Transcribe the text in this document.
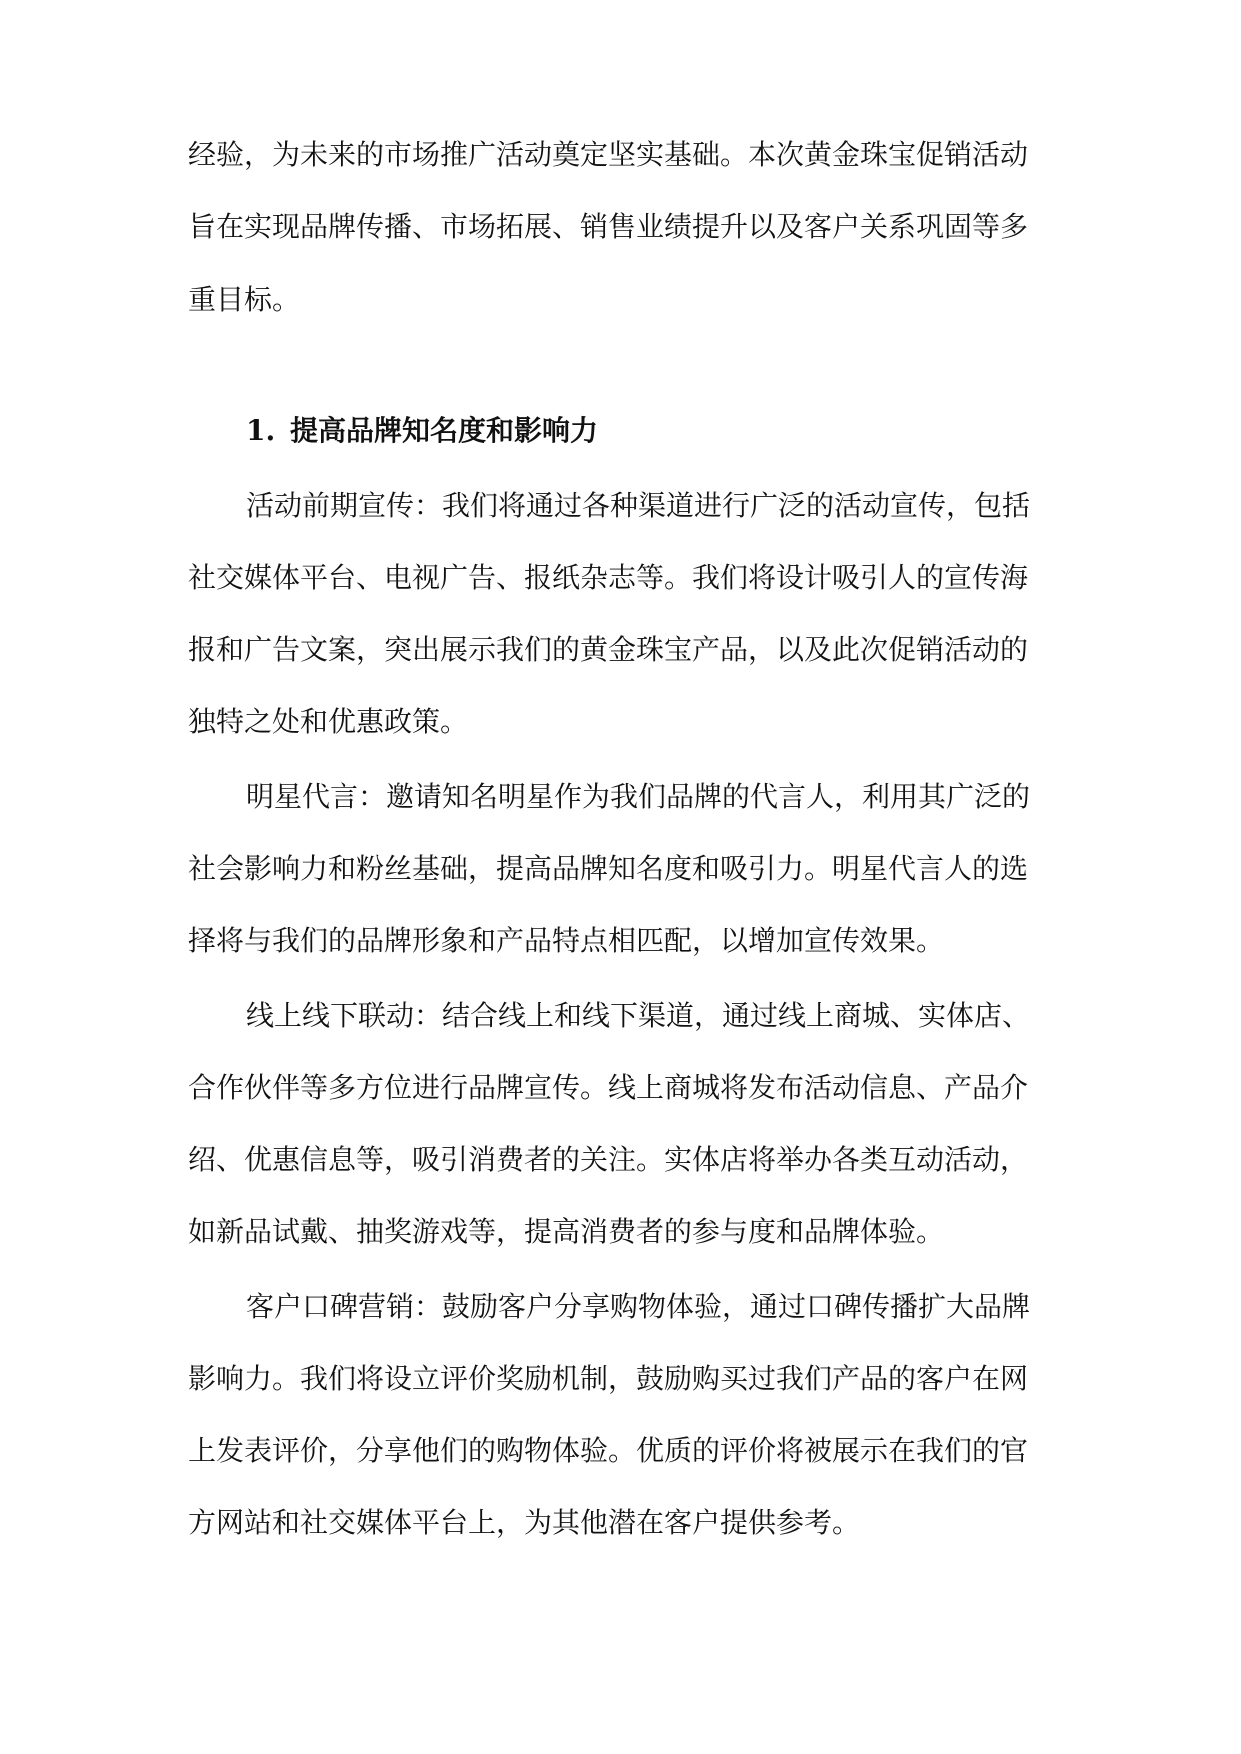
经验，为未来的市场推广活动奠定坚实基础。本次黄金珠宝促销活动
旨在实现品牌传播、市场拓展、销售业绩提升以及客户关系巩固等多
重目标。
1. 提高品牌知名度和影响力
活动前期宣传：我们将通过各种渠道进行广泛的活动宣传，包括
社交媒体平台、电视广告、报纸杂志等。我们将设计吸引人的宣传海
报和广告文案，突出展示我们的黄金珠宝产品，以及此次促销活动的
独特之处和优惠政策。
明星代言：邀请知名明星作为我们品牌的代言人，利用其广泛的
社会影响力和粉丝基础，提高品牌知名度和吸引力。明星代言人的选
择将与我们的品牌形象和产品特点相匹配，以增加宣传效果。
线上线下联动：结合线上和线下渠道，通过线上商城、实体店、
合作伙伴等多方位进行品牌宣传。线上商城将发布活动信息、产品介
绍、优惠信息等，吸引消费者的关注。实体店将举办各类互动活动，
如新品试戴、抽奖游戏等，提高消费者的参与度和品牌体验。
客户口碑营销：鼓励客户分享购物体验，通过口碑传播扩大品牌
影响力。我们将设立评价奖励机制，鼓励购买过我们产品的客户在网
上发表评价，分享他们的购物体验。优质的评价将被展示在我们的官
方网站和社交媒体平台上，为其他潜在客户提供参考。
